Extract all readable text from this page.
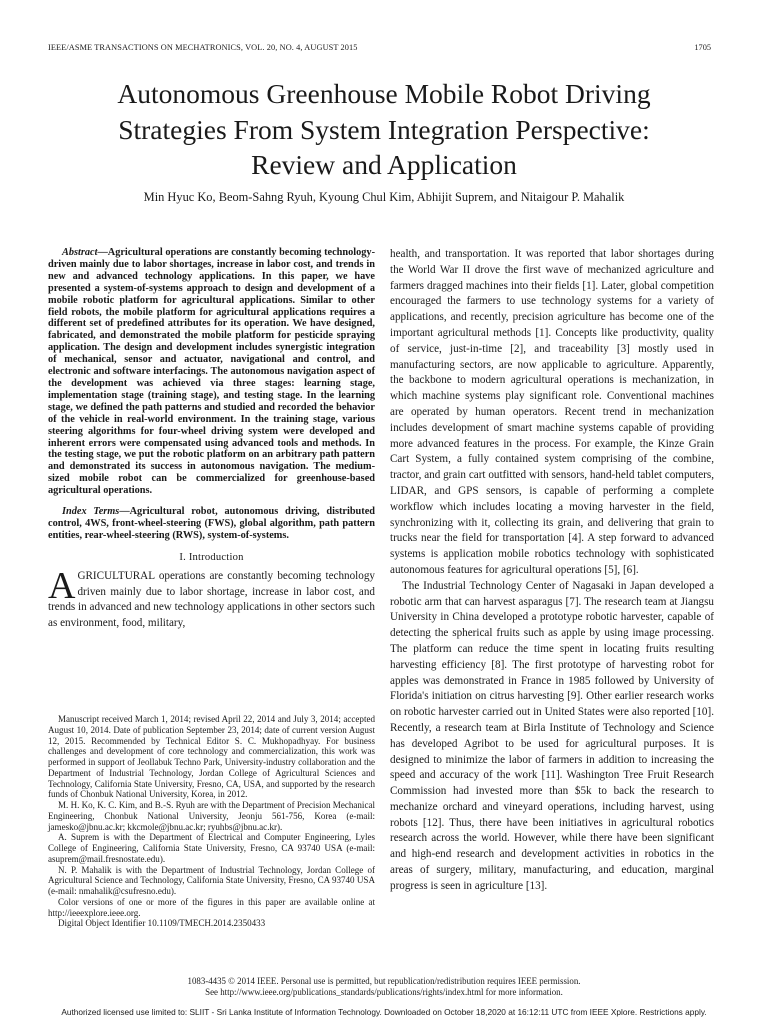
IEEE/ASME TRANSACTIONS ON MECHATRONICS, VOL. 20, NO. 4, AUGUST 2015	1705
Autonomous Greenhouse Mobile Robot Driving
Strategies From System Integration Perspective:
Review and Application
Min Hyuc Ko, Beom-Sahng Ryuh, Kyoung Chul Kim, Abhijit Suprem, and Nitaigour P. Mahalik

Abstract—Agricultural operations are constantly becoming technology-driven mainly due to labor shortages, increase in labor cost, and trends in new and advanced technology applications. In this paper, we have presented a system-of-systems approach to design and development of a mobile robotic platform for agricultural applications. Similar to other field robots, the mobile platform for agricultural applications requires a different set of predefined attributes for its operation. We have designed, fabricated, and demonstrated the mobile platform for pesticide spraying application. The design and development includes synergistic integration of mechanical, sensor and actuator, navigational and control, and electronic and software interfacings. The autonomous navigation aspect of the development was achieved via three stages: learning stage, implementation stage (training stage), and testing stage. In the learning stage, we defined the path patterns and studied and recorded the behavior of the vehicle in real-world environment. In the training stage, various steering algorithms for four-wheel driving system were developed and inherent errors were compensated using advanced tools and methods. In the testing stage, we put the robotic platform on an arbitrary path pattern and demonstrated its success in autonomous navigation. The medium-sized mobile robot can be commercialized for greenhouse-based agricultural operations.

Index Terms—Agricultural robot, autonomous driving, distributed control, 4WS, front-wheel-steering (FWS), global algorithm, path pattern entities, rear-wheel-steering (RWS), system-of-systems.

I. Introduction

AGRICULTURAL operations are constantly becoming technology driven mainly due to labor shortage, increase in labor cost, and trends in advanced and new technology applications in other sectors such as environment, food, military,

Manuscript received March 1, 2014; revised April 22, 2014 and July 3, 2014; accepted August 10, 2014. Date of publication September 23, 2014; date of current version August 12, 2015. Recommended by Technical Editor S. C. Mukhopadhyay. For business challenges and development of core technology and commercialization, this work was performed in support of Jeollabuk Techno Park, University-industry collaboration and the Department of Industrial Technology, Jordan College of Agricultural Sciences and Technology, California State University, Fresno, CA, USA, and supported by the research funds of Chonbuk National University, Korea, in 2012.

M. H. Ko, K. C. Kim, and B.-S. Ryuh are with the Department of Precision Mechanical Engineering, Chonbuk National University, Jeonju 561-756, Korea (e-mail: jamesko@jbnu.ac.kr; kkcmole@jbnu.ac.kr; ryuhbs@jbnu.ac.kr).

A. Suprem is with the Department of Electrical and Computer Engineering, Lyles College of Engineering, California State University, Fresno, CA 93740 USA (e-mail: asuprem@mail.fresnostate.edu).

N. P. Mahalik is with the Department of Industrial Technology, Jordan College of Agricultural Science and Technology, California State University, Fresno, CA 93740 USA (e-mail: nmahalik@csufresno.edu).

Color versions of one or more of the figures in this paper are available online at http://ieeexplore.ieee.org.

Digital Object Identifier 10.1109/TMECH.2014.2350433

health, and transportation. It was reported that labor shortages during the World War II drove the first wave of mechanized agriculture and farmers dragged machines into their fields [1]. Later, global competition encouraged the farmers to use technology systems for a variety of applications, and recently, precision agriculture has become one of the important agricultural methods [1]. Concepts like productivity, quality of service, just-in-time [2], and traceability [3] mostly used in manufacturing sectors, are now applicable to agriculture. Apparently, the backbone to modern agricultural operations is mechanization, in which machine systems play significant role. Conventional machines are operated by human operators. Recent trend in mechanization includes development of smart machine systems capable of providing more advanced features in the process. For example, the Kinze Grain Cart System, a fully contained system comprising of the combine, tractor, and grain cart outfitted with sensors, hand-held tablet computers, LIDAR, and GPS sensors, is capable of performing a complete workflow which includes locating a moving harvester in the field, synchronizing with it, collecting its grain, and delivering that grain to trucks near the field for transportation [4]. A step forward to advanced systems is application mobile robotics technology with sophisticated autonomous features for agricultural operations [5], [6].

The Industrial Technology Center of Nagasaki in Japan developed a robotic arm that can harvest asparagus [7]. The research team at Jiangsu University in China developed a prototype robotic harvester, capable of detecting the spherical fruits such as apple by using image processing. The platform can reduce the time spent in locating fruits resulting harvesting efficiency [8]. The first prototype of harvesting robot for apples was demonstrated in France in 1985 followed by University of Florida's initiation on citrus harvesting [9]. Other earlier research works on robotic harvester carried out in United States were also reported [10]. Recently, a research team at Birla Institute of Technology and Science has developed Agribot to be used for agricultural purposes. It is designed to minimize the labor of farmers in addition to increasing the speed and accuracy of the work [11]. Washington Tree Fruit Research Commission had invested more than $5k to back the research to mechanize orchard and vineyard operations, including harvest, using robots [12]. Thus, there have been initiatives in agricultural robotics research across the world. However, while there have been significant and high-end research and development activities in robotics in the areas of surgery, military, manufacturing, and education, marginal progress is seen in agriculture [13].

1083-4435 © 2014 IEEE. Personal use is permitted, but republication/redistribution requires IEEE permission.
See http://www.ieee.org/publications_standards/publications/rights/index.html for more information.
Authorized licensed use limited to: SLIIT - Sri Lanka Institute of Information Technology. Downloaded on October 18,2020 at 16:12:11 UTC from IEEE Xplore. Restrictions apply.
